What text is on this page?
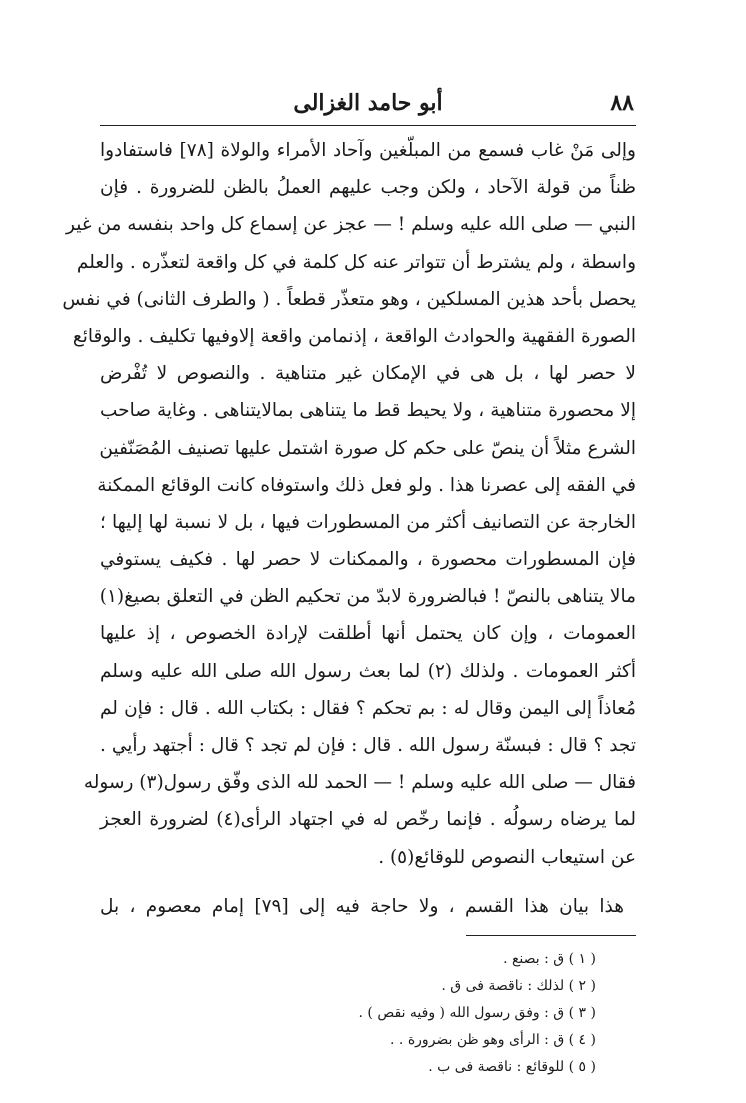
٨٨
أبو حامد الغزالى
وإلى مَنْ غاب فسمع من المبلّغين وآحاد الأمراء والولاة [٧٨] فاستفادوا
ظناً من قولة الآحاد ، ولكن وجب عليهم العملُ بالظن للضرورة . فإن
النبي — صلى الله عليه وسلم ! — عجز عن إسماع كل واحد بنفسه من غير
واسطة ، ولم يشترط أن تتواتر عنه كل كلمة في كل واقعة لتعذّره . والعلم
يحصل بأحد هذين المسلكين ، وهو متعذّر قطعاً . ( والطرف الثانى) في نفس
الصورة الفقهية والحوادث الواقعة ، إذنمامن واقعة إلاوفيها تكليف . والوقائع
لا حصر لها ، بل هى في الإمكان غير متناهية . والنصوص لا تُفْرض
إلا محصورة متناهية ، ولا يحيط قط ما يتناهى بمالايتناهى . وغاية صاحب
الشرع مثلاً أن ينصّ على حكم كل صورة اشتمل عليها تصنيف المُصَنّفين
في الفقه إلى عصرنا هذا . ولو فعل ذلك واستوفاه كانت الوقائع الممكنة
الخارجة عن التصانيف أكثر من المسطورات فيها ، بل لا نسبة لها إليها ؛
فإن المسطورات محصورة ، والممكنات لا حصر لها . فكيف يستوفي
مالا يتناهى بالنصّ ! فبالضرورة لابدّ من تحكيم الظن في التعلق بصيغ(١)
العمومات ، وإن كان يحتمل أنها أطلقت لإرادة الخصوص ، إذ عليها
أكثر العمومات . ولذلك (٢) لما بعث رسول الله صلى الله عليه وسلم
مُعاذاً إلى اليمن وقال له : بم تحكم ؟ فقال : بكتاب الله . قال : فإن لم
تجد ؟ قال : فبسنّة رسول الله . قال : فإن لم تجد ؟ قال : أجتهد رأيي .
فقال — صلى الله عليه وسلم ! — الحمد لله الذى وفّق رسول(٣) رسوله
لما يرضاه رسولُه . فإنما رخّص له في اجتهاد الرأى(٤) لضرورة العجز
عن استيعاب النصوص للوقائع(٥) .
هذا بيان هذا القسم ، ولا حاجة فيه إلى [٧٩] إمام معصوم ، بل
( ١ ) ق : بصنع .
( ٢ ) لذلك : ناقصة فى ق .
( ٣ ) ق : وفق رسول الله ( وفيه نقص ) .
( ٤ ) ق : الرأى وهو ظن بضرورة . .
( ٥ ) للوقائع : ناقصة فى ب .
